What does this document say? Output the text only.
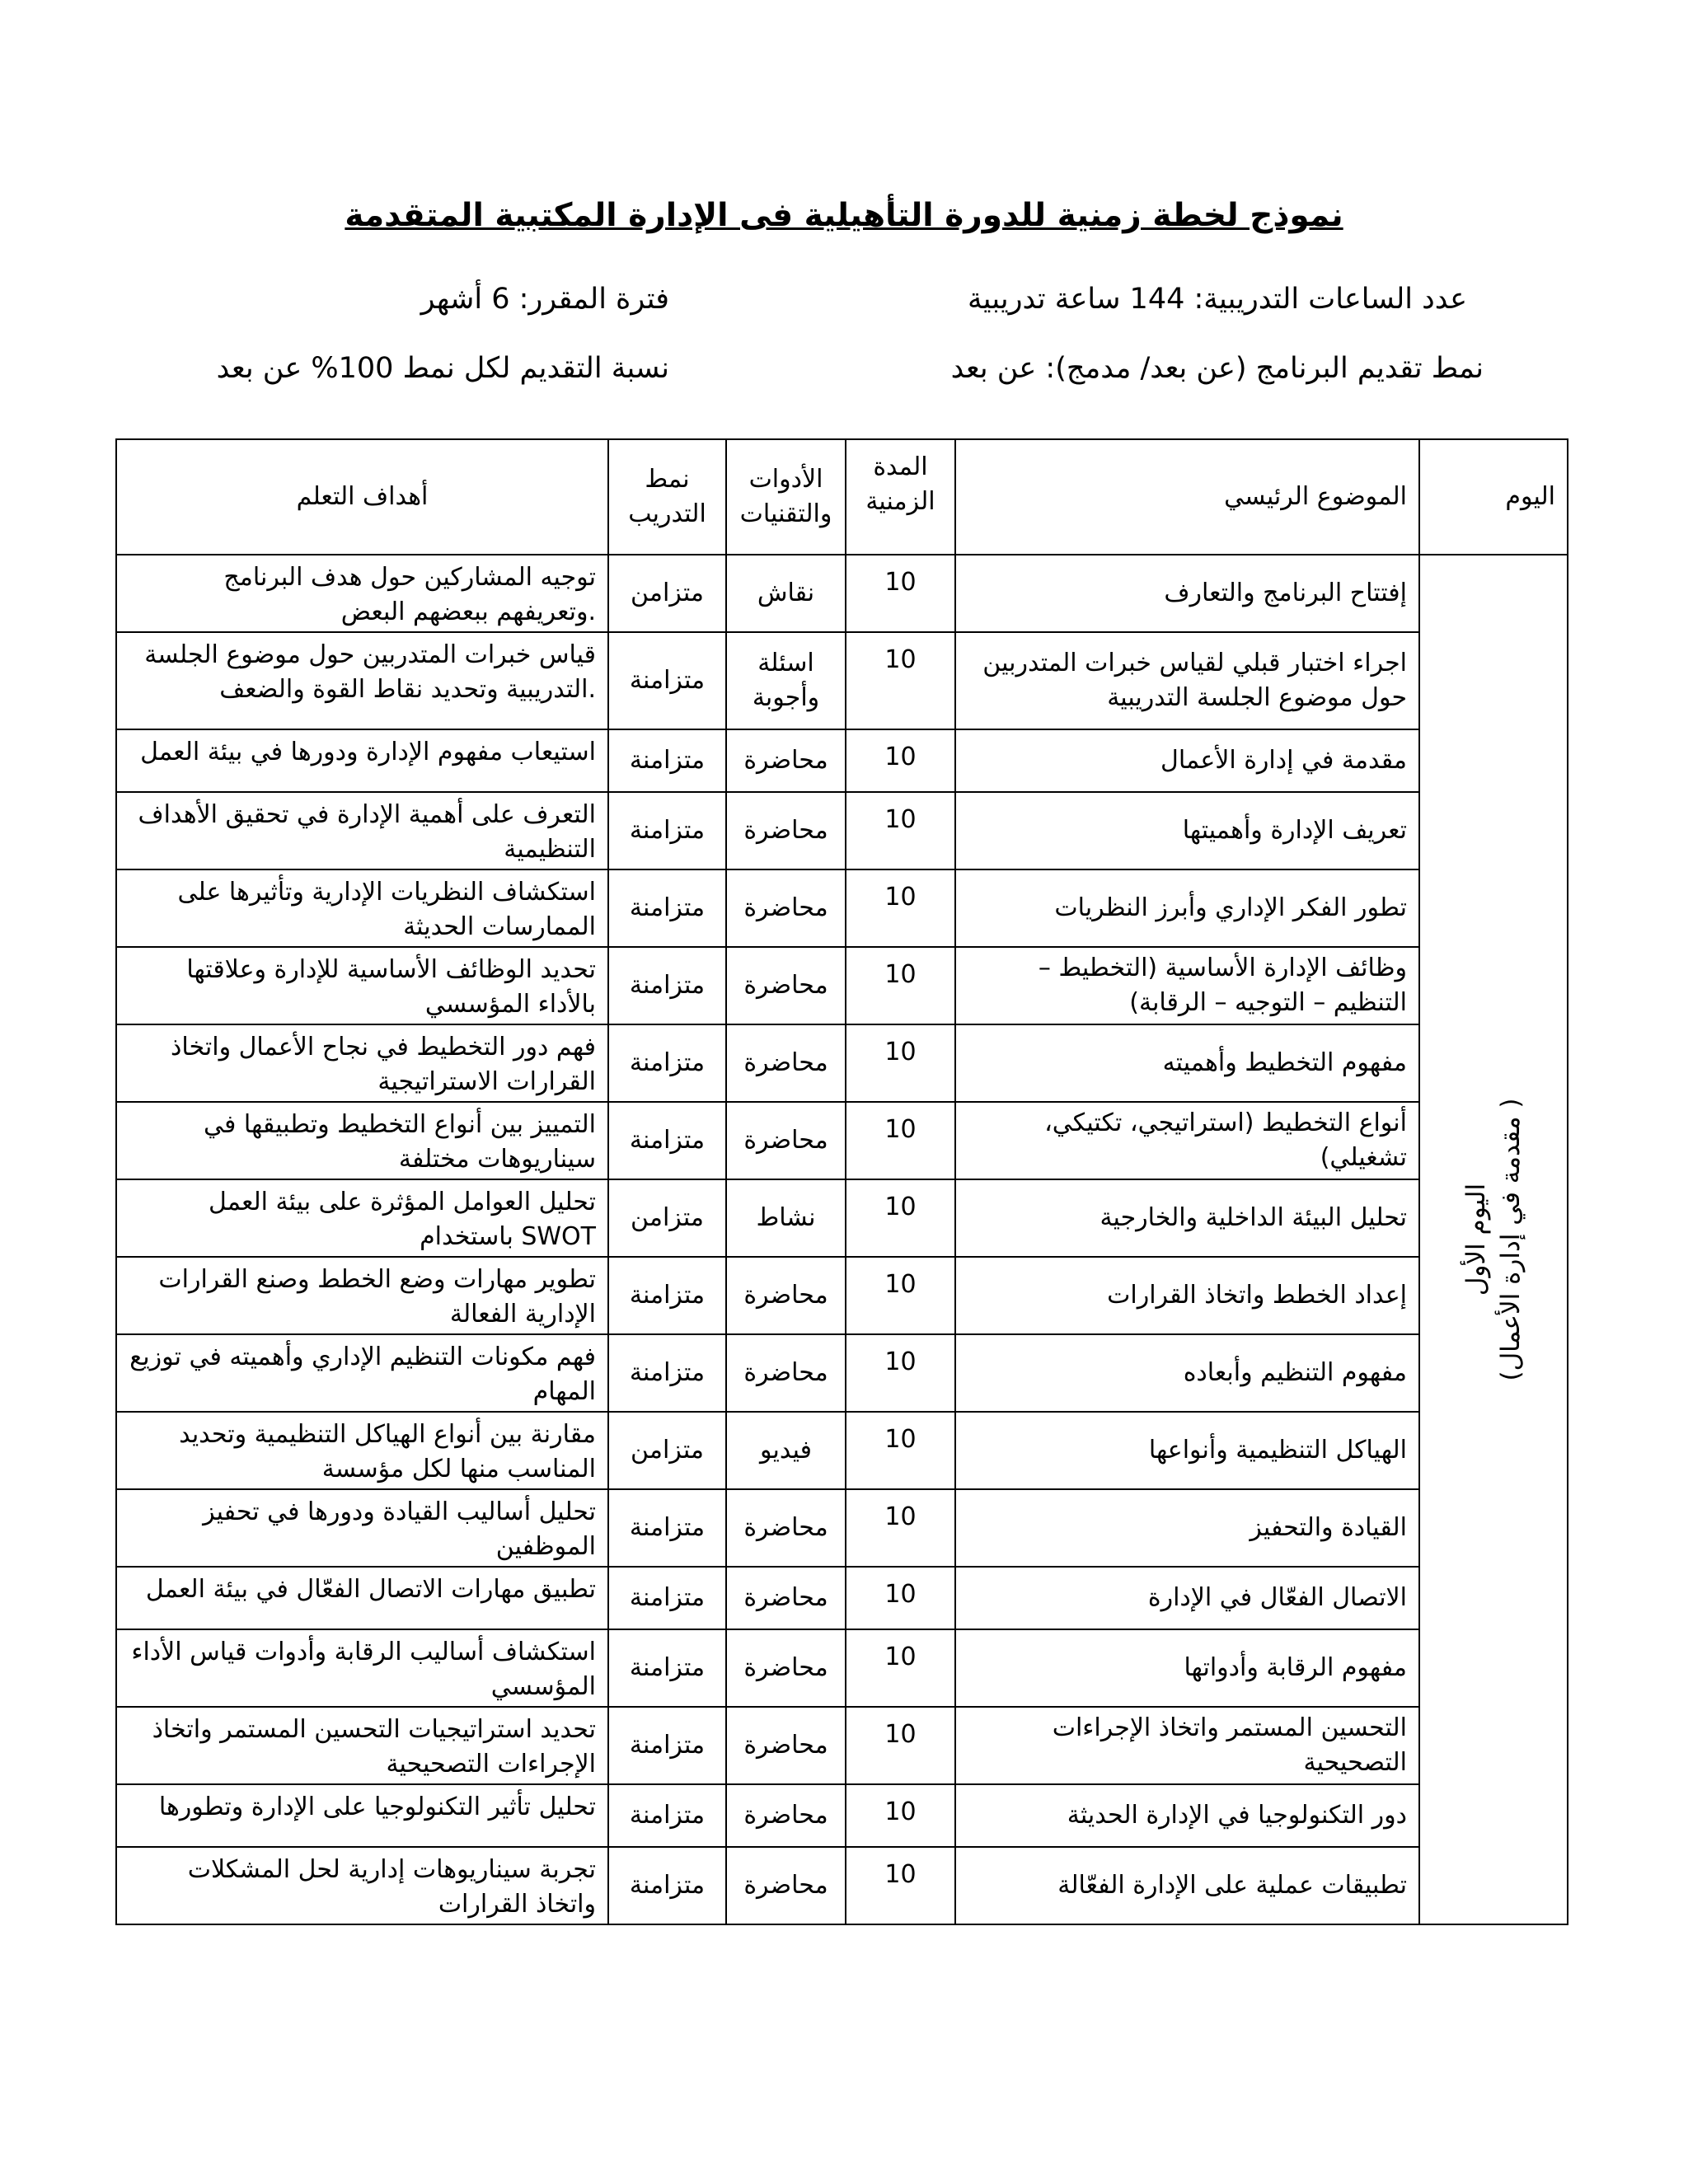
نموذج لخطة زمنية للدورة التأهيلية فى الإدارة المكتبية المتقدمة
عدد الساعات التدريبية: 144 ساعة تدريبية
فترة المقرر: 6 أشهر
نمط تقديم البرنامج (عن بعد/ مدمج): عن بعد
نسبة التقديم لكل نمط 100% عن بعد
اليوم	الموضوع الرئيسي	المدة الزمنية	الأدوات والتقنيات	نمط التدريب	أهداف التعلم

اليوم الأول ( مقدمة في إدارة الأعمال)	إفتتاح البرنامج والتعارف	10	نقاش	متزامن	توجيه المشاركين حول هدف البرنامج .وتعريفهم ببعضهم البعض
	اجراء اختبار قبلي لقياس خبرات المتدربين حول موضوع الجلسة التدريبية	10	اسئلة وأجوبة	متزامنة	قياس خبرات المتدربين حول موضوع الجلسة .التدريبية وتحديد نقاط القوة والضعف
	مقدمة في إدارة الأعمال	10	محاضرة	متزامنة	استيعاب مفهوم الإدارة ودورها في بيئة العمل
	تعريف الإدارة وأهميتها	10	محاضرة	متزامنة	التعرف على أهمية الإدارة في تحقيق الأهداف التنظيمية
	تطور الفكر الإداري وأبرز النظريات	10	محاضرة	متزامنة	استكشاف النظريات الإدارية وتأثيرها على الممارسات الحديثة
	وظائف الإدارة الأساسية (التخطيط – التنظيم – التوجيه – الرقابة)	10	محاضرة	متزامنة	تحديد الوظائف الأساسية للإدارة وعلاقتها بالأداء المؤسسي
	مفهوم التخطيط وأهميته	10	محاضرة	متزامنة	فهم دور التخطيط في نجاح الأعمال واتخاذ القرارات الاستراتيجية
	أنواع التخطيط (استراتيجي، تكتيكي، تشغيلي)	10	محاضرة	متزامنة	التمييز بين أنواع التخطيط وتطبيقها في سيناريوهات مختلفة
	تحليل البيئة الداخلية والخارجية	10	نشاط	متزامن	تحليل العوامل المؤثرة على بيئة العمل SWOT باستخدام
	إعداد الخطط واتخاذ القرارات	10	محاضرة	متزامنة	تطوير مهارات وضع الخطط وصنع القرارات الإدارية الفعالة
	مفهوم التنظيم وأبعاده	10	محاضرة	متزامنة	فهم مكونات التنظيم الإداري وأهميته في توزيع المهام
	الهياكل التنظيمية وأنواعها	10	فيديو	متزامن	مقارنة بين أنواع الهياكل التنظيمية وتحديد المناسب منها لكل مؤسسة
	القيادة والتحفيز	10	محاضرة	متزامنة	تحليل أساليب القيادة ودورها في تحفيز الموظفين
	الاتصال الفعّال في الإدارة	10	محاضرة	متزامنة	تطبيق مهارات الاتصال الفعّال في بيئة العمل
	مفهوم الرقابة وأدواتها	10	محاضرة	متزامنة	استكشاف أساليب الرقابة وأدوات قياس الأداء المؤسسي
	التحسين المستمر واتخاذ الإجراءات التصحيحية	10	محاضرة	متزامنة	تحديد استراتيجيات التحسين المستمر واتخاذ الإجراءات التصحيحية
	دور التكنولوجيا في الإدارة الحديثة	10	محاضرة	متزامنة	تحليل تأثير التكنولوجيا على الإدارة وتطورها
	تطبيقات عملية على الإدارة الفعّالة	10	محاضرة	متزامنة	تجربة سيناريوهات إدارية لحل المشكلات واتخاذ القرارات
